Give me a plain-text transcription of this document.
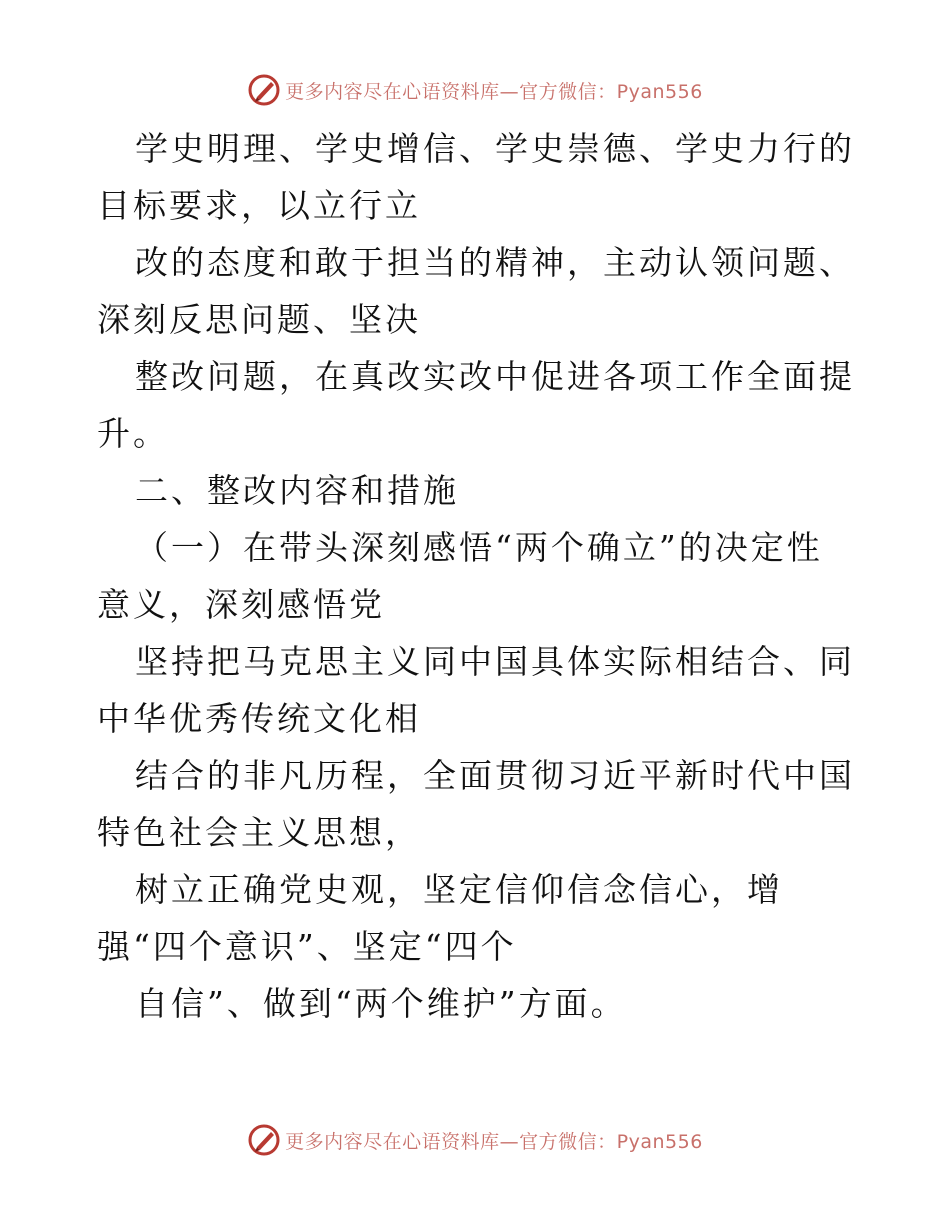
更多内容尽在心语资料库—官方微信：Pyan556

学史明理、学史增信、学史崇德、学史力行的目标要求，以立行立

改的态度和敢于担当的精神，主动认领问题、深刻反思问题、坚决

整改问题，在真改实改中促进各项工作全面提升。

二、整改内容和措施

（一）在带头深刻感悟“两个确立”的决定性意义，深刻感悟党

坚持把马克思主义同中国具体实际相结合、同中华优秀传统文化相

结合的非凡历程，全面贯彻习近平新时代中国特色社会主义思想，

树立正确党史观，坚定信仰信念信心，增强“四个意识”、坚定“四个

自信”、做到“两个维护”方面。

更多内容尽在心语资料库—官方微信：Pyan556
